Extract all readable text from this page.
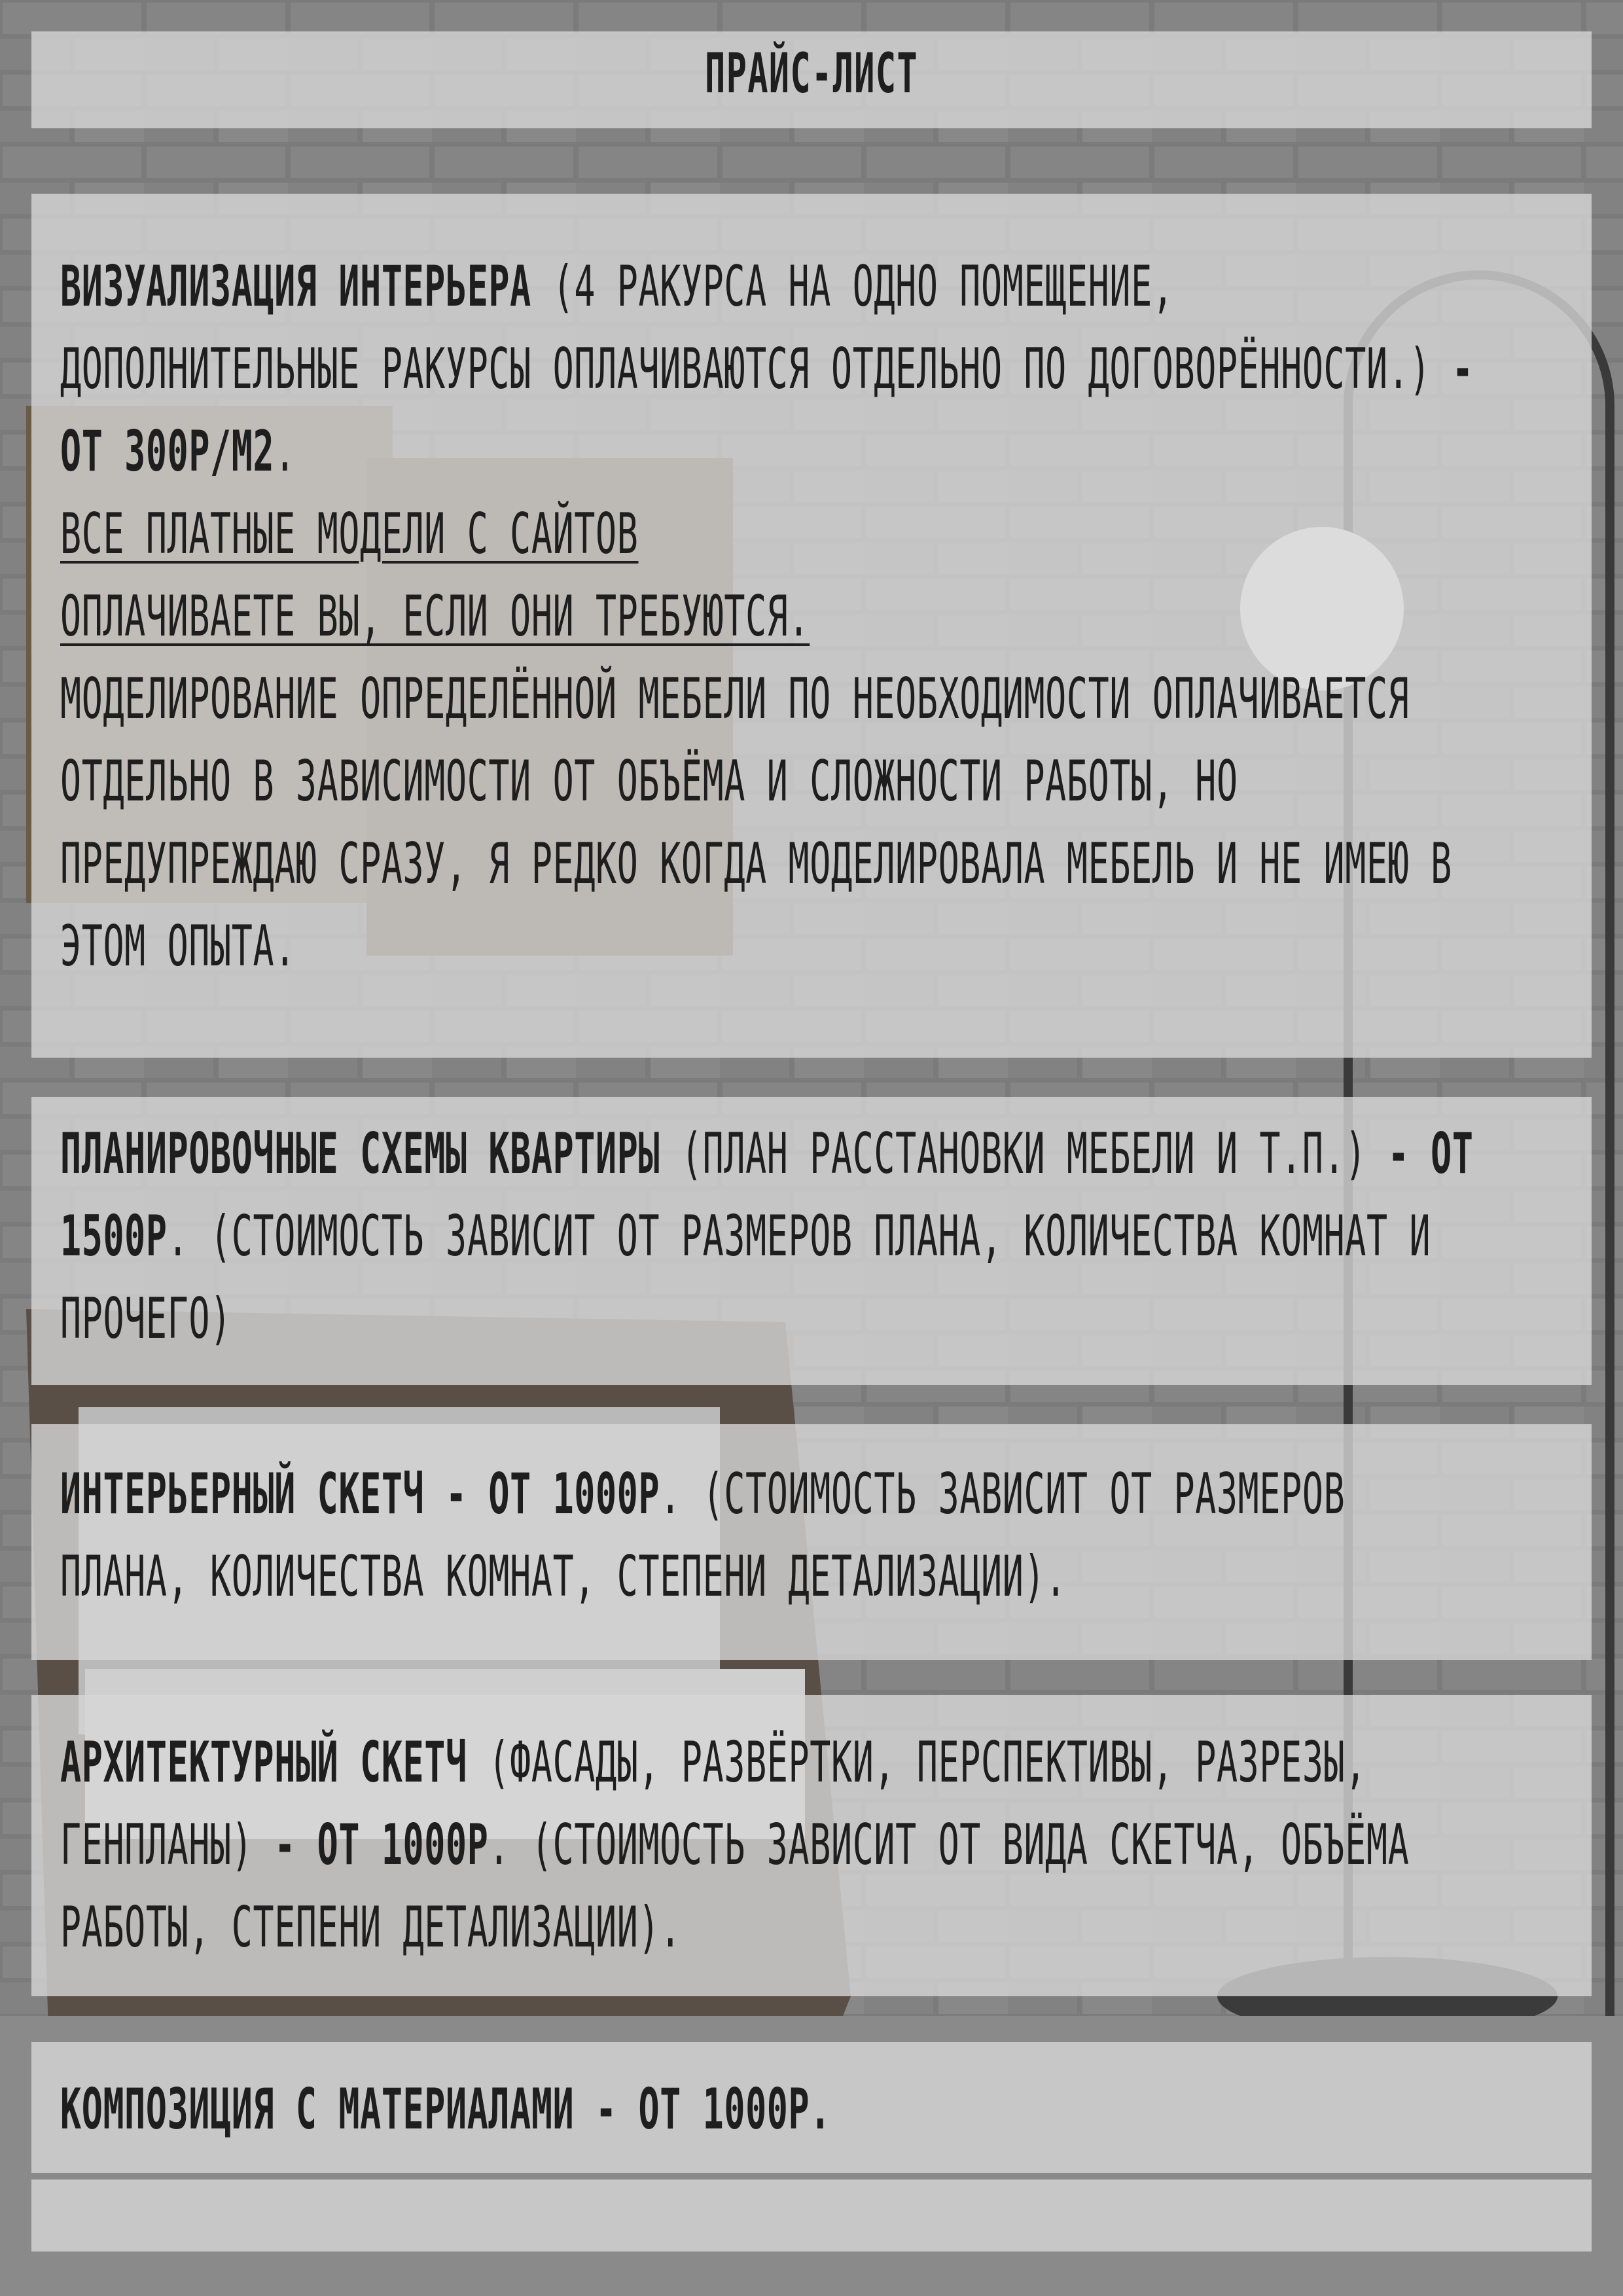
ПРАЙС-ЛИСТ

ВИЗУАЛИЗАЦИЯ ИНТЕРЬЕРА (4 РАКУРСА НА ОДНО ПОМЕЩЕНИЕ, ДОПОЛНИТЕЛЬНЫЕ РАКУРСЫ ОПЛАЧИВАЮТСЯ ОТДЕЛЬНО ПО ДОГОВОРЁННОСТИ.) - ОТ 300Р/М2.

ВСЕ ПЛАТНЫЕ МОДЕЛИ С САЙТОВ ОПЛАЧИВАЕТЕ ВЫ, ЕСЛИ ОНИ ТРЕБУЮТСЯ.

МОДЕЛИРОВАНИЕ ОПРЕДЕЛЁННОЙ МЕБЕЛИ ПО НЕОБХОДИМОСТИ ОПЛАЧИВАЕТСЯ ОТДЕЛЬНО В ЗАВИСИМОСТИ ОТ ОБЪЁМА И СЛОЖНОСТИ РАБОТЫ, НО ПРЕДУПРЕЖДАЮ СРАЗУ, Я РЕДКО КОГДА МОДЕЛИРОВАЛА МЕБЕЛЬ И НЕ ИМЕЮ В ЭТОМ ОПЫТА.

ПЛАНИРОВОЧНЫЕ СХЕМЫ КВАРТИРЫ (ПЛАН РАССТАНОВКИ МЕБЕЛИ И Т.П.) - ОТ 1500Р. (СТОИМОСТЬ ЗАВИСИТ ОТ РАЗМЕРОВ ПЛАНА, КОЛИЧЕСТВА КОМНАТ И ПРОЧЕГО)

ИНТЕРЬЕРНЫЙ СКЕТЧ - ОТ 1000Р. (СТОИМОСТЬ ЗАВИСИТ ОТ РАЗМЕРОВ ПЛАНА, КОЛИЧЕСТВА КОМНАТ, СТЕПЕНИ ДЕТАЛИЗАЦИИ).

АРХИТЕКТУРНЫЙ СКЕТЧ (ФАСАДЫ, РАЗВЁРТКИ, ПЕРСПЕКТИВЫ, РАЗРЕЗЫ, ГЕНПЛАНЫ) - ОТ 1000Р. (СТОИМОСТЬ ЗАВИСИТ ОТ ВИДА СКЕТЧА, ОБЪЁМА РАБОТЫ, СТЕПЕНИ ДЕТАЛИЗАЦИИ).

КОМПОЗИЦИЯ С МАТЕРИАЛАМИ - ОТ 1000Р.
